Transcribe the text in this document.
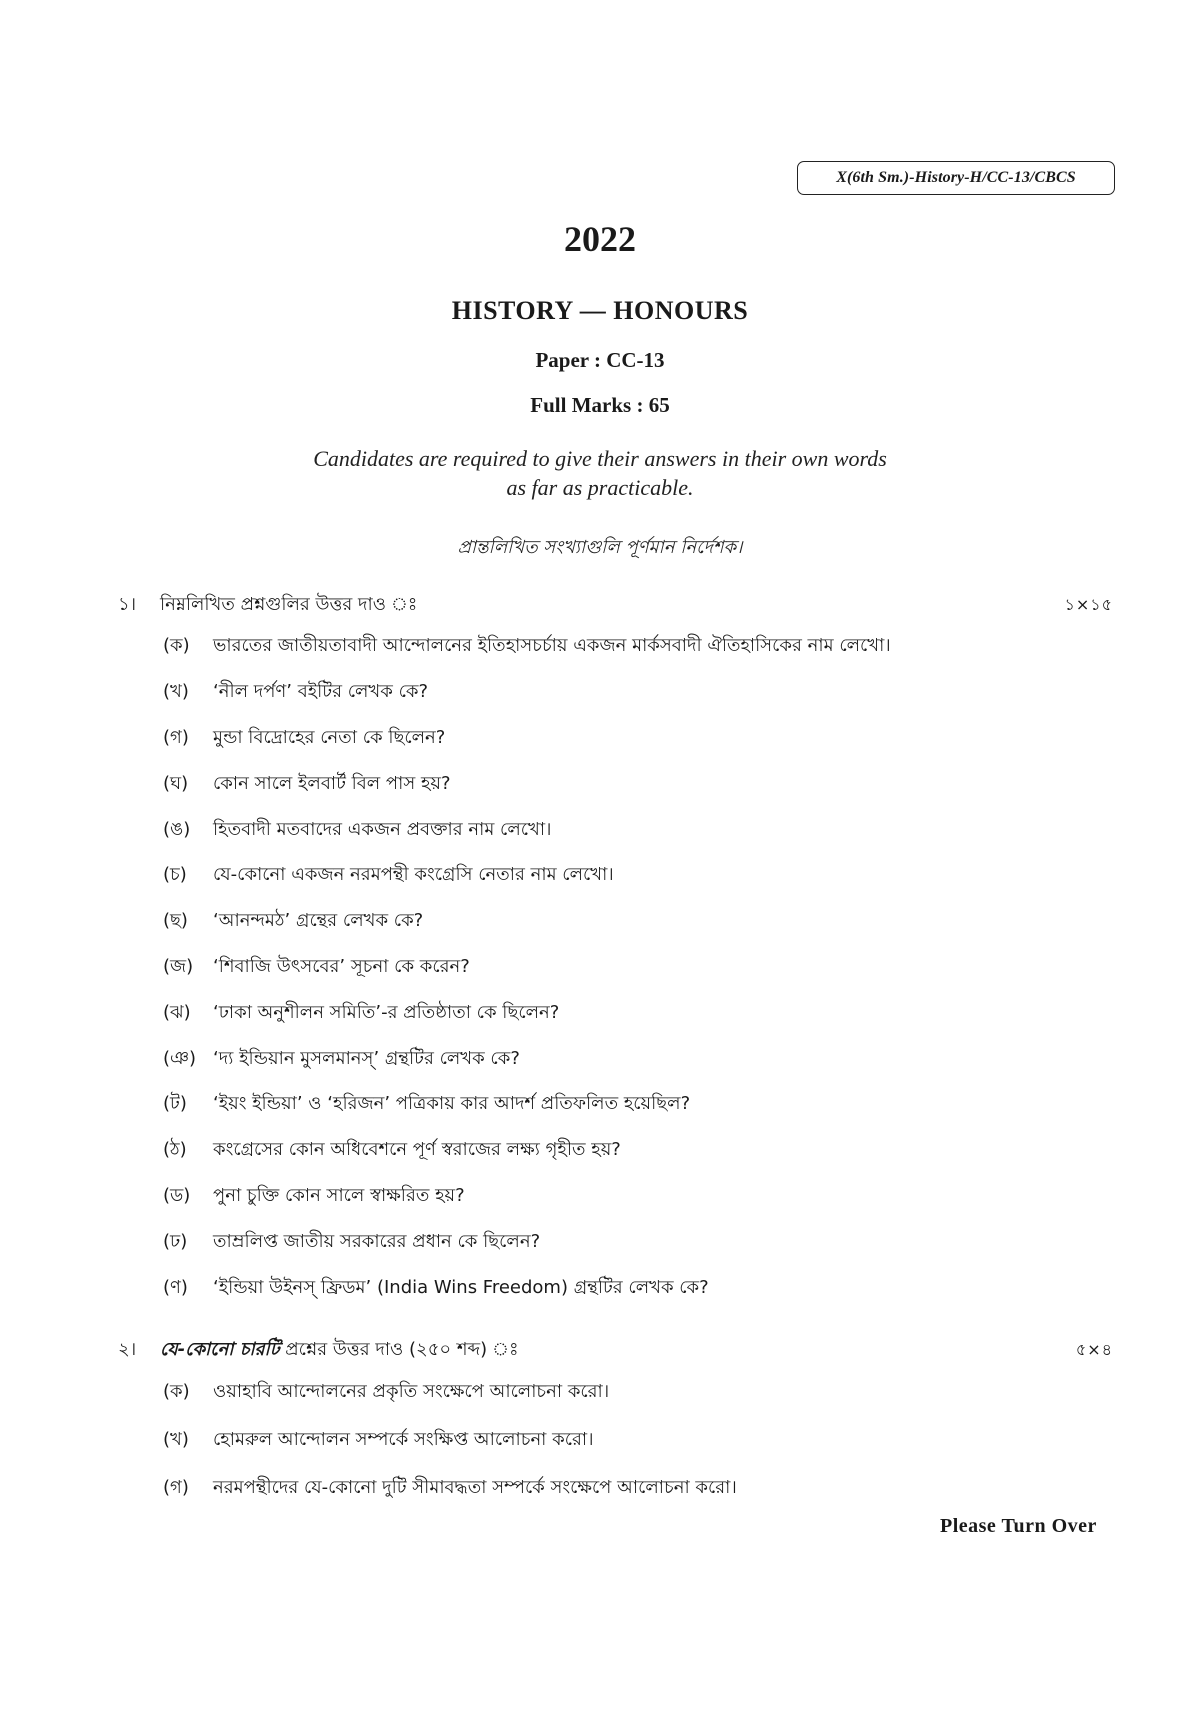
X(6th Sm.)-History-H/CC-13/CBCS
2022
HISTORY — HONOURS
Paper : CC-13
Full Marks : 65
Candidates are required to give their answers in their own words
as far as practicable.
প্রান্তলিখিত সংখ্যাগুলি পূর্ণমান নির্দেশক।
১।	নিম্নলিখিত প্রশ্নগুলির উত্তর দাও ঃ	১×১৫
(ক)	ভারতের জাতীয়তাবাদী আন্দোলনের ইতিহাসচর্চায় একজন মার্কসবাদী ঐতিহাসিকের নাম লেখো।
(খ)	‘নীল দর্পণ’ বইটির লেখক কে?
(গ)	মুন্ডা বিদ্রোহের নেতা কে ছিলেন?
(ঘ)	কোন সালে ইলবার্ট বিল পাস হয়?
(ঙ)	হিতবাদী মতবাদের একজন প্রবক্তার নাম লেখো।
(চ)	যে-কোনো একজন নরমপন্থী কংগ্রেসি নেতার নাম লেখো।
(ছ)	‘আনন্দমঠ’ গ্রন্থের লেখক কে?
(জ)	‘শিবাজি উৎসবের’ সূচনা কে করেন?
(ঝ)	‘ঢাকা অনুশীলন সমিতি’-র প্রতিষ্ঠাতা কে ছিলেন?
(ঞ) ‘দ্য ইন্ডিয়ান মুসলমানস্’ গ্রন্থটির লেখক কে?
(ট)	‘ইয়ং ইন্ডিয়া’ ও ‘হরিজন’ পত্রিকায় কার আদর্শ প্রতিফলিত হয়েছিল?
(ঠ)	কংগ্রেসের কোন অধিবেশনে পূর্ণ স্বরাজের লক্ষ্য গৃহীত হয়?
(ড)	পুনা চুক্তি কোন সালে স্বাক্ষরিত হয়?
(ঢ)	তাম্রলিপ্ত জাতীয় সরকারের প্রধান কে ছিলেন?
(ণ)	‘ইন্ডিয়া উইনস্ ফ্রিডম’ (India Wins Freedom) গ্রন্থটির লেখক কে?
২।	যে-কোনো চারটি প্রশ্নের উত্তর দাও (২৫০ শব্দ) ঃ	৫×৪
(ক)	ওয়াহাবি আন্দোলনের প্রকৃতি সংক্ষেপে আলোচনা করো।
(খ)	হোমরুল আন্দোলন সম্পর্কে সংক্ষিপ্ত আলোচনা করো।
(গ)	নরমপন্থীদের যে-কোনো দুটি সীমাবদ্ধতা সম্পর্কে সংক্ষেপে আলোচনা করো।
Please Turn Over
